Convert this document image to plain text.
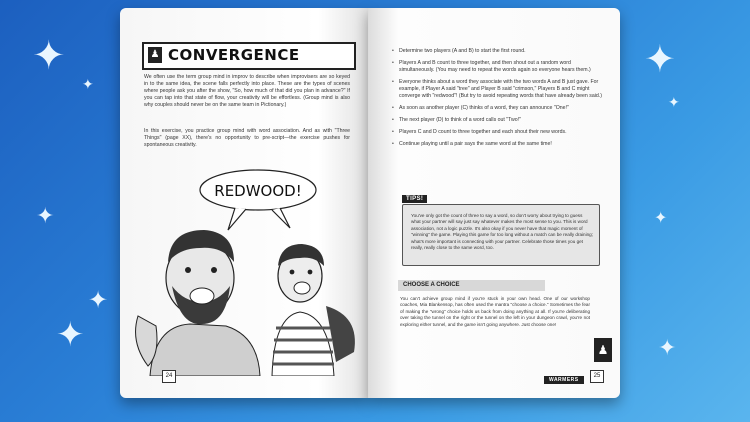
✦
✦
✦
✦
✦
✦
✦
✦
✦
♟ CONVERGENCE
We often use the term group mind in improv to describe when improvisers are so keyed in to the same idea, the scene falls perfectly into place. These are the types of scenes where people ask you after the show, "So, how much of that did you plan in advance?" If you can tap into that state of flow, your creativity will be effortless. (Group mind is also why couples should never be on the same team in Pictionary.)
In this exercise, you practice group mind with word association. And as with "Three Things" (page XX), there's no opportunity to pre-script—the exercise pushes for spontaneous creativity.
REDWOOD!
24
• Determine two players (A and B) to start the first round.
• Players A and B count to three together, and then shout out a random word simultaneously. (You may need to repeat the words again so everyone hears them.)
• Everyone thinks about a word they associate with the two words A and B just gave. For example, if Player A said "tree" and Player B said "crimson," Players B and C might converge with "redwood"! (But try to avoid repeating words that have already been said.)
• As soon as another player (C) thinks of a word, they can announce "One!"
• The next player (D) to think of a word calls out "Two!"
• Players C and D count to three together and each shout their new words.
• Continue playing until a pair says the same word at the same time!
You've only got the count of three to say a word, so don't worry about trying to guess what your partner will say just say whatever makes the most sense to you. This is word association, not a logic puzzle. It's also okay if you never have that magic moment of "winning" the game. Playing this game for too long without a match can be really draining; what's more important is connecting with your partner. Celebrate those times you get really, really close to the same word, too.
TIPS!
CHOOSE A CHOICE
You can't achieve group mind if you're stuck in your own head. One of our workshop coaches, Mia Blankensop, has often used the mantra "choose a choice." Sometimes the fear of making the "wrong" choice holds us back from doing anything at all. If you're deliberating over taking the tunnel on the right or the tunnel on the left in your dungeon crawl, you're not exploring either tunnel, and the game isn't going anywhere. Just choose one!
♟
WARMERS
25
